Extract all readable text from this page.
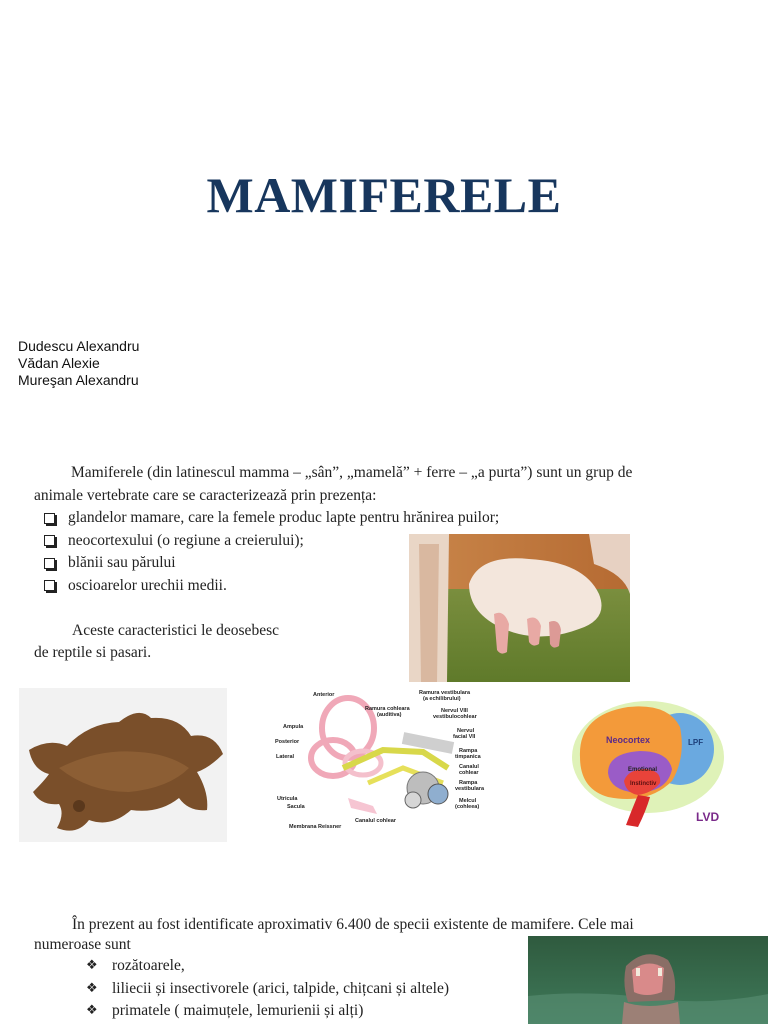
MAMIFERELE
Dudescu Alexandru
Vădan Alexie
Mureşan Alexandru
Mamiferele (din latinescul mamma – „sân”, „mamelă” + ferre – „a purta”) sunt un grup de
animale vertebrate care se caracterizează prin prezența:
glandelor mamare, care la femele produc lapte pentru hrănirea puilor;
neocortexului (o regiune a creierului);
blănii sau părului
oscioarelor urechii medii.
Aceste caracteristici le deosebesc
de reptile si pasari.
Anterior
Ampula
Posterior
Lateral
Utricula
Sacula
Ramura vestibulara
(a echilibrului)
Ramura cohleara
(auditiva)
Nervul VIII
vestibulocohlear
Nervul
facial VII
Rampa
timpanica
Canalul
cohlear
Rampa
vestibulara
Melcul
(cohleea)
Membrana Reissner
Canalul cohlear
Neocortex	LPF
Emotional
Instinctiv
LVD
În prezent au fost identificate aproximativ 6.400 de specii existente de mamifere. Cele mai
numeroase sunt
❖ rozătoarele,
❖ liliecii și insectivorele (arici, talpide, chițcani și altele)
❖ primatele ( maimuțele, lemurienii și alți)
